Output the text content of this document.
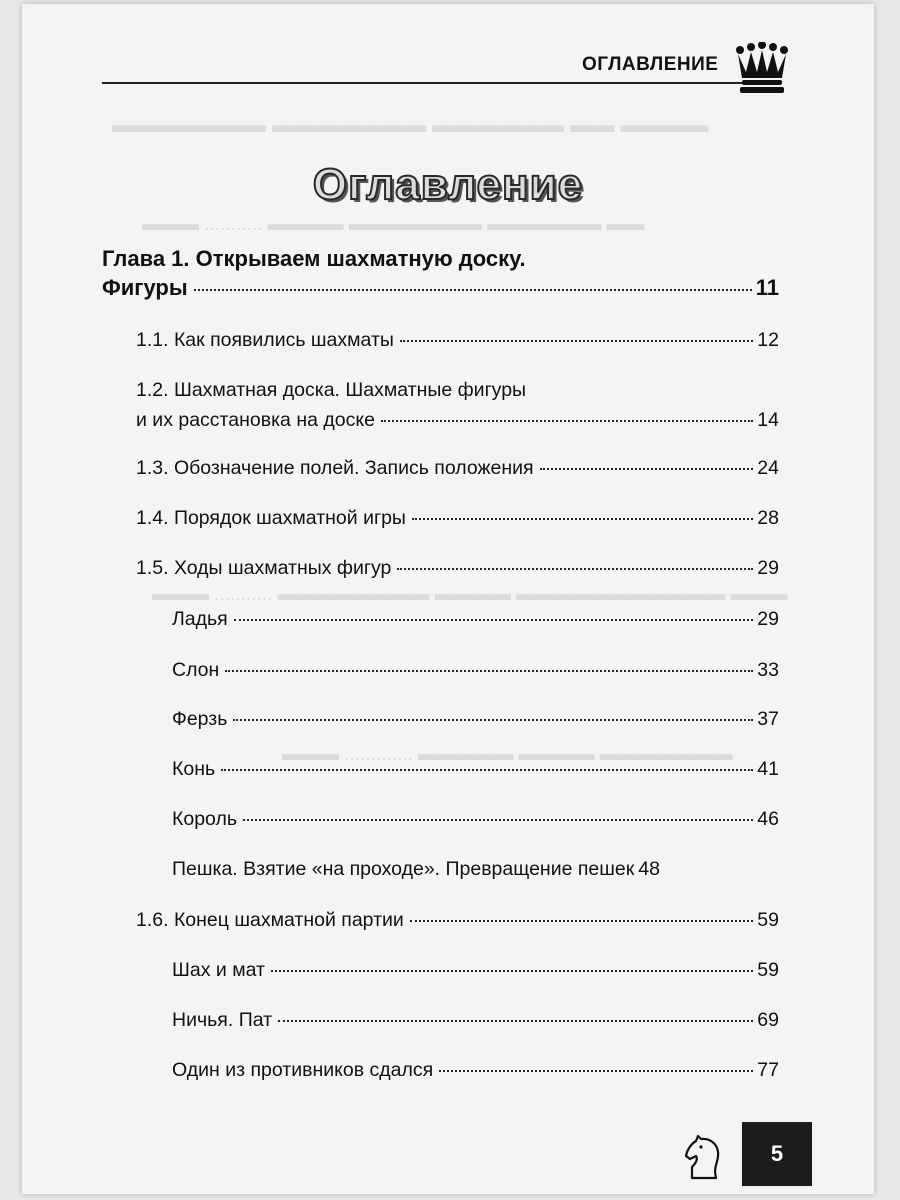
▬▬▬▬ ▬▬ ▬▬▬▬▬▬ ▬▬▬▬▬▬▬ ▬▬▬▬▬▬▬
▬▬ ▬▬▬▬▬▬ ▬▬▬▬▬▬▬ ▬▬▬▬ ........... ▬▬▬
▬▬▬ ▬▬▬▬▬▬▬▬▬▬▬ ▬▬▬▬ ▬▬▬▬▬▬▬▬ ........... ▬▬▬
▬▬▬▬▬▬▬ ▬▬▬▬ ▬▬▬▬▬ ............. ▬▬▬
ОГЛАВЛЕНИЕ
Оглавление
Глава 1. Открываем шахматную доску.
Фигуры	11
1.1. Как появились шахматы	12
1.2. Шахматная доска. Шахматные фигуры
и их расстановка на доске	14
1.3. Обозначение полей. Запись положения	24
1.4. Порядок шахматной игры	28
1.5. Ходы шахматных фигур	29
Ладья	29
Слон	33
Ферзь	37
Конь	41
Король	46
Пешка. Взятие «на проходе». Превращение пешек 48
1.6. Конец шахматной партии	59
Шах и мат	59
Ничья. Пат	69
Один из противников сдался	77
5
